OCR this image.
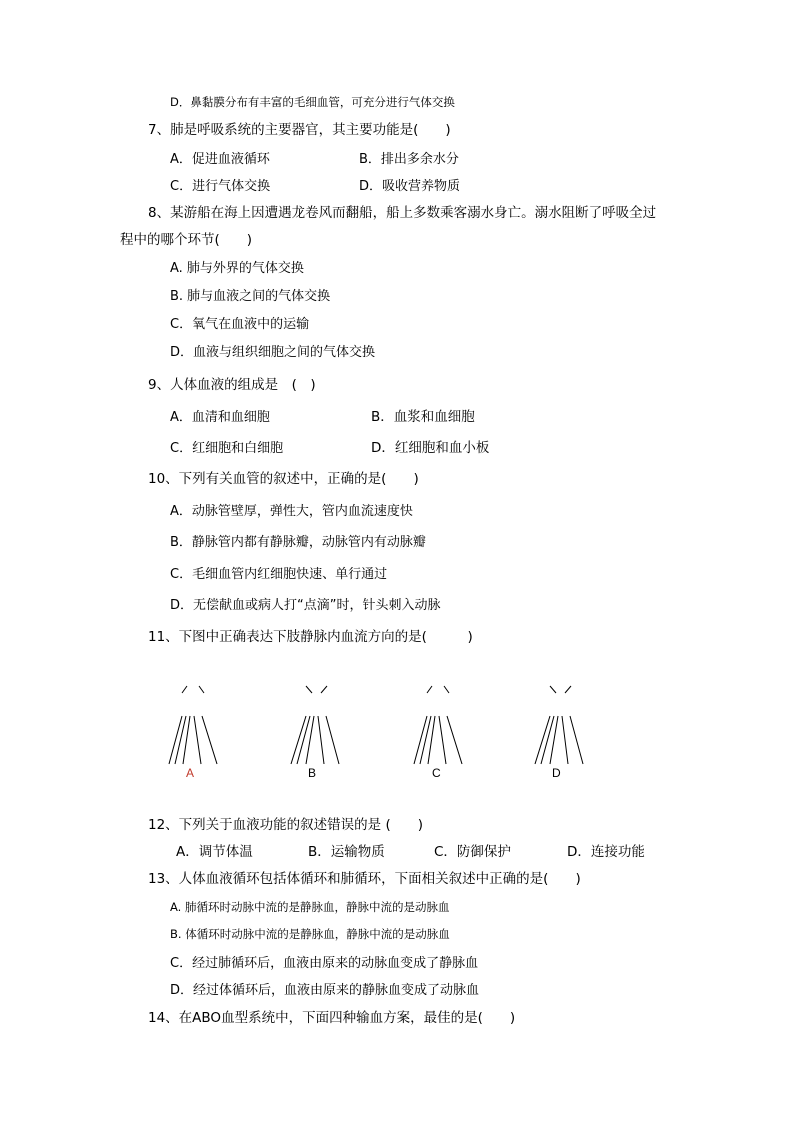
D．鼻黏膜分布有丰富的毛细血管，可充分进行气体交换
7、肺是呼吸系统的主要器官，其主要功能是(　　)
A．促进血液循环	B．排出多余水分
C．进行气体交换	D．吸收营养物质
8、某游船在海上因遭遇龙卷风而翻船，船上多数乘客溺水身亡。溺水阻断了呼吸全过
程中的哪个环节(　　)
A. 肺与外界的气体交换
B. 肺与血液之间的气体交换
C．氧气在血液中的运输
D．血液与组织细胞之间的气体交换
9、人体血液的组成是　(　)
A．血清和血细胞	B．血浆和血细胞
C．红细胞和白细胞	D．红细胞和血小板
10、下列有关血管的叙述中，正确的是(　　)
A．动脉管壁厚，弹性大，管内血流速度快
B．静脉管内都有静脉瓣，动脉管内有动脉瓣
C．毛细血管内红细胞快速、单行通过
D．无偿献血或病人打“点滴”时，针头刺入动脉
11、下图中正确表达下肢静脉内血流方向的是(　　　)
A	B	C	D
12、下列关于血液功能的叙述错误的是 (　　)
A．调节体温	B．运输物质	C．防御保护	D．连接功能
13、人体血液循环包括体循环和肺循环，下面相关叙述中正确的是(　　)
A. 肺循环时动脉中流的是静脉血，静脉中流的是动脉血
B. 体循环时动脉中流的是静脉血，静脉中流的是动脉血
C．经过肺循环后，血液由原来的动脉血变成了静脉血
D．经过体循环后，血液由原来的静脉血变成了动脉血
14、在ABO血型系统中，下面四种输血方案，最佳的是(　　)
